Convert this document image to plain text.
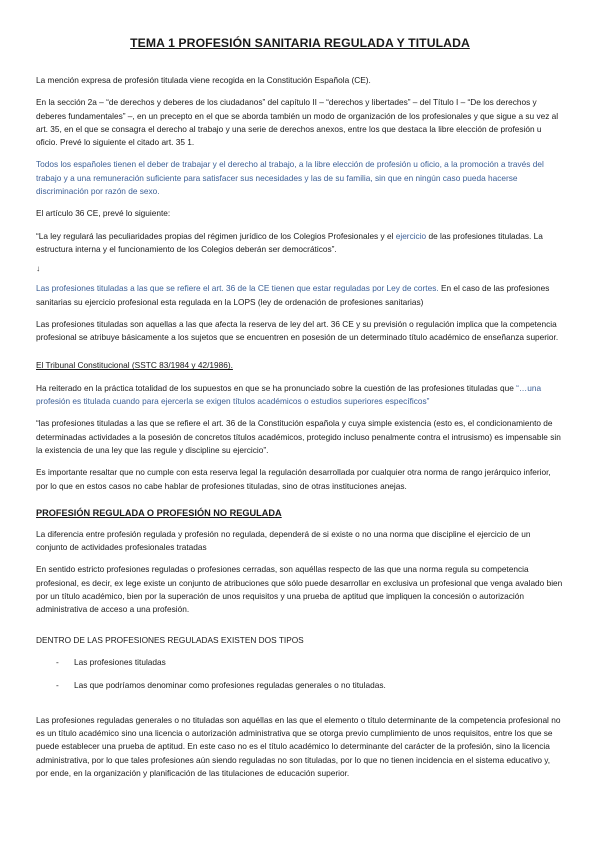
TEMA 1 PROFESIÓN SANITARIA REGULADA Y TITULADA

La mención expresa de profesión titulada viene recogida en la Constitución Española (CE).

En la sección 2a – “de derechos y deberes de los ciudadanos” del capítulo II – “derechos y libertades” – del Título I – “De los derechos y deberes fundamentales” –, en un precepto en el que se aborda también un modo de organización de los profesionales y que sigue a su vez al art. 35, en el que se consagra el derecho al trabajo y una serie de derechos anexos, entre los que destaca la libre elección de profesión u oficio. Prevé lo siguiente el citado art. 35 1.

Todos los españoles tienen el deber de trabajar y el derecho al trabajo, a la libre elección de profesión u oficio, a la promoción a través del trabajo y a una remuneración suficiente para satisfacer sus necesidades y las de su familia, sin que en ningún caso pueda hacerse discriminación por razón de sexo.

El artículo 36 CE, prevé lo siguiente:

“La ley regulará las peculiaridades propias del régimen jurídico de los Colegios Profesionales y el ejercicio de las profesiones tituladas. La estructura interna y el funcionamiento de los Colegios deberán ser democráticos”.

↓

Las profesiones tituladas a las que se refiere el art. 36 de la CE tienen que estar reguladas por Ley de cortes. En el caso de las profesiones sanitarias su ejercicio profesional esta regulada en la LOPS (ley de ordenación de profesiones sanitarias)

Las profesiones tituladas son aquellas a las que afecta la reserva de ley del art. 36 CE y su previsión o regulación implica que la competencia profesional se atribuye básicamente a los sujetos que se encuentren en posesión de un determinado título académico de enseñanza superior.

El Tribunal Constitucional (SSTC 83/1984 y 42/1986).

Ha reiterado en la práctica totalidad de los supuestos en que se ha pronunciado sobre la cuestión de las profesiones tituladas que “…una profesión es titulada cuando para ejercerla se exigen títulos académicos o estudios superiores específicos”

“las profesiones tituladas a las que se refiere el art. 36 de la Constitución española y cuya simple existencia (esto es, el condicionamiento de determinadas actividades a la posesión de concretos títulos académicos, protegido incluso penalmente contra el intrusismo) es impensable sin la existencia de una ley que las regule y discipline su ejercicio”.

Es importante resaltar que no cumple con esta reserva legal la regulación desarrollada por cualquier otra norma de rango jerárquico inferior, por lo que en estos casos no cabe hablar de profesiones tituladas, sino de otras instituciones anejas.

PROFESIÓN REGULADA O PROFESIÓN NO REGULADA

La diferencia entre profesión regulada y profesión no regulada, dependerá de si existe o no una norma que discipline el ejercicio de un conjunto de actividades profesionales tratadas

En sentido estricto profesiones reguladas o profesiones cerradas, son aquéllas respecto de las que una norma regula su competencia profesional, es decir, ex lege existe un conjunto de atribuciones que sólo puede desarrollar en exclusiva un profesional que venga avalado bien por un título académico, bien por la superación de unos requisitos y una prueba de aptitud que impliquen la concesión o autorización administrativa de acceso a una profesión.

DENTRO DE LAS PROFESIONES REGULADAS EXISTEN DOS TIPOS
- Las profesiones tituladas
- Las que podríamos denominar como profesiones reguladas generales o no tituladas.

Las profesiones reguladas generales o no tituladas son aquéllas en las que el elemento o título determinante de la competencia profesional no es un título académico sino una licencia o autorización administrativa que se otorga previo cumplimiento de unos requisitos, entre los que se puede establecer una prueba de aptitud. En este caso no es el título académico lo determinante del carácter de la profesión, sino la licencia administrativa, por lo que tales profesiones aún siendo reguladas no son tituladas, por lo que no tienen incidencia en el sistema educativo y, por ende, en la organización y planificación de las titulaciones de educación superior.
